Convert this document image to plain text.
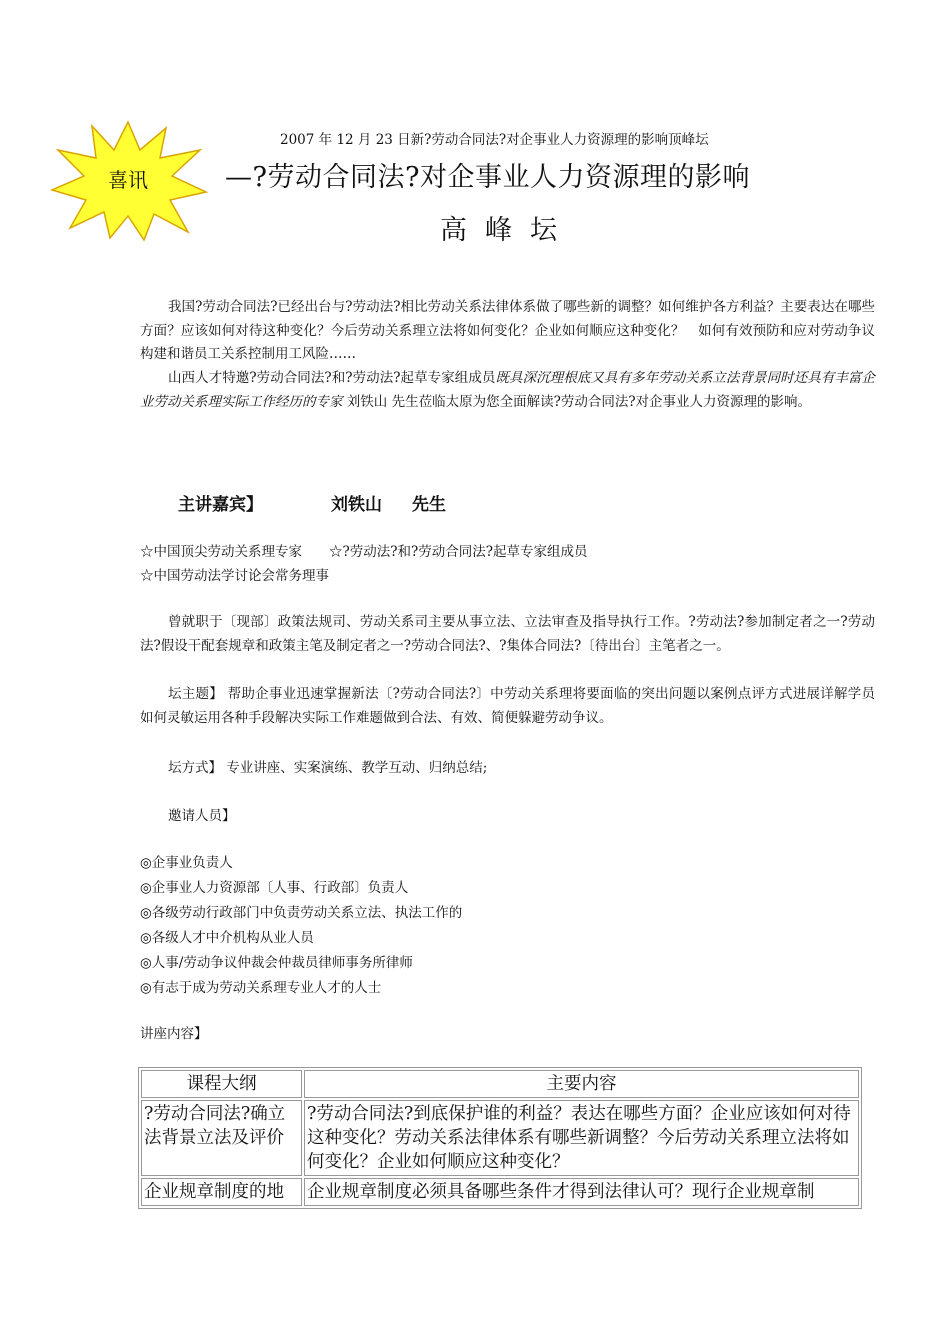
喜讯
2007 年 12 月 23 日新?劳动合同法?对企事业人力资源理的影响顶峰坛
—?劳动合同法?对企事业人力资源理的影响
高峰坛
我国?劳动合同法?已经出台与?劳动法?相比劳动关系法律体系做了哪些新的调整？如何维护各方利益？主要表达在哪些方面？应该如何对待这种变化？今后劳动关系理立法将如何变化？企业如何顺应这种变化？　如何有效预防和应对劳动争议构建和谐员工关系控制用工风险……
山西人才特邀?劳动合同法?和?劳动法?起草专家组成员既具深沉理根底又具有多年劳动关系立法背景同时还具有丰富企业劳动关系理实际工作经历的专家 刘铁山 先生莅临太原为您全面解读?劳动合同法?对企事业人力资源理的影响。
主讲嘉宾】	刘铁山 先生
☆中国顶尖劳动关系理专家　　☆?劳动法?和?劳动合同法?起草专家组成员
☆中国劳动法学讨论会常务理事
曾就职于〔现部〕政策法规司、劳动关系司主要从事立法、立法审查及指导执行工作。?劳动法?参加制定者之一?劳动法?假设干配套规章和政策主笔及制定者之一?劳动合同法?、?集体合同法?〔待出台〕主笔者之一。
坛主题】 帮助企事业迅速掌握新法〔?劳动合同法?〕中劳动关系理将要面临的突出问题以案例点评方式进展详解学员如何灵敏运用各种手段解决实际工作难题做到合法、有效、简便躲避劳动争议。
坛方式】 专业讲座、实案演练、教学互动、归纳总结;
邀请人员】
◎企事业负责人
◎企事业人力资源部〔人事、行政部〕负责人
◎各级劳动行政部门中负责劳动关系立法、执法工作的
◎各级人才中介机构从业人员
◎人事/劳动争议仲裁会仲裁员律师事务所律师
◎有志于成为劳动关系理专业人才的人士
讲座内容】
课程大纲	主要内容
?劳动合同法?确立法背景立法及评价	?劳动合同法?到底保护谁的利益？表达在哪些方面？企业应该如何对待这种变化？劳动关系法律体系有哪些新调整？今后劳动关系理立法将如何变化？企业如何顺应这种变化？

企业规章制度的地	企业规章制度必须具备哪些条件才得到法律认可？现行企业规章制
